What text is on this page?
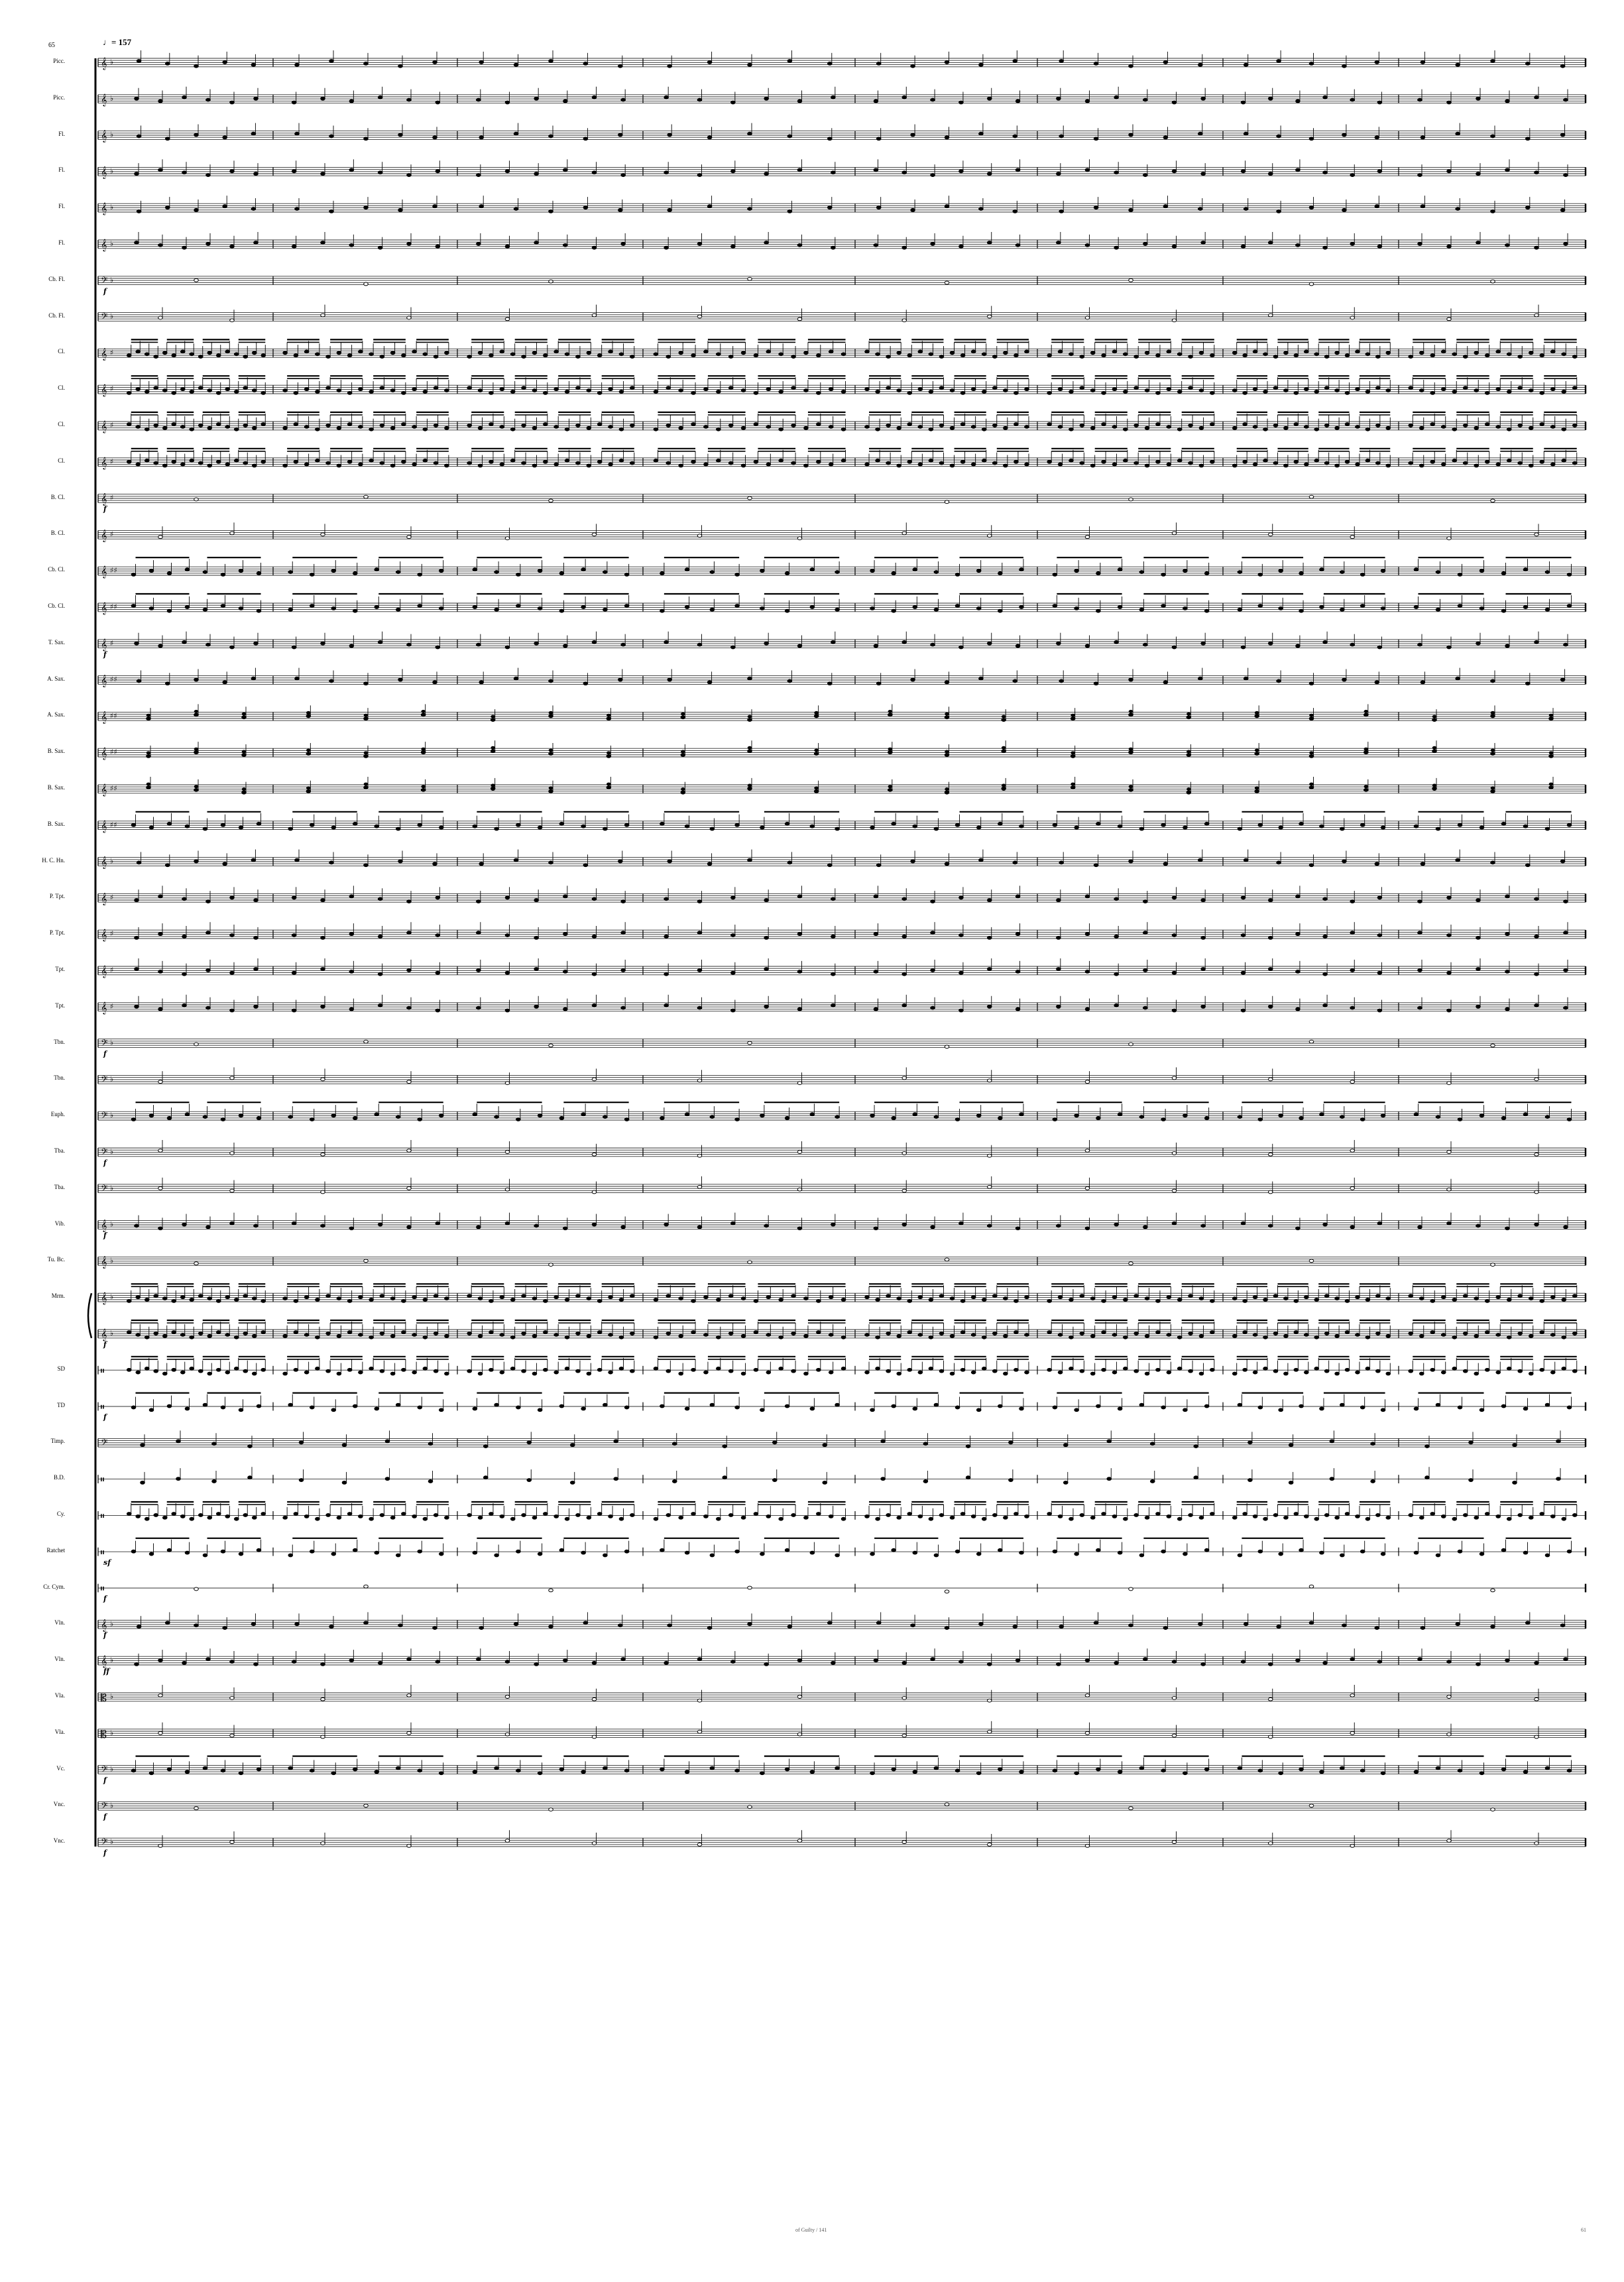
𝄞 ♭
𝄞 ♭
𝄞 ♭
𝄞 ♭
𝄞 ♭
𝄞 ♭
𝄢 ♭
f
𝄢 ♭
𝄞 ♯
𝄞 ♯
𝄞 ♯
𝄞 ♯
𝄞 ♯
f
𝄞 ♯
𝄞 ♯♯
𝄞 ♯♯
𝄞 ♯
f
𝄞 ♯♯
𝄞 ♯♯
𝄞 ♯♯
𝄞 ♯♯
𝄞 ♯♯
𝄞 ♭
𝄞 ♯
𝄞 ♯
𝄞 ♯
𝄞 ♯
𝄢 ♭
f
𝄢 ♭
𝄢 ♭
𝄢 ♭
f
𝄢 ♭
𝄞 ♭
f
𝄞 ♭
𝄞 ♭
𝄞 ♭
f
𝄥
𝄥
f
𝄢
𝄥
𝄥
𝄥
sf
𝄥
f
𝄞 ♭
f
𝄞 ♭
ff
𝄡 ♭
𝄡 ♭
𝄢 ♭
f
𝄢 ♭
f
𝄢 ♭
f
♩= 157
65
of Guilty / 141	61
Picc.
Picc.
Fl.
Fl.
Fl.
Fl.
Cb. Fl.
Cb. Fl.
Cl.
Cl.
Cl.
Cl.
B. Cl.
B. Cl.
Cb. Cl.
Cb. Cl.
T. Sax.
A. Sax.
A. Sax.
B. Sax.
B. Sax.
B. Sax.
H. C. Hn.
P. Tpt.
P. Tpt.
Tpt.
Tpt.
Tbn.
Tbn.
Euph.
Tba.
Tba.
Vib.
Tu. Bc.
Mrm.
SD
TD
Timp.
B.D.
Cy.
Ratchet
Cr. Cym.
Vln.
Vln.
Vla.
Vla.
Vc.
Vnc.
Vnc.
